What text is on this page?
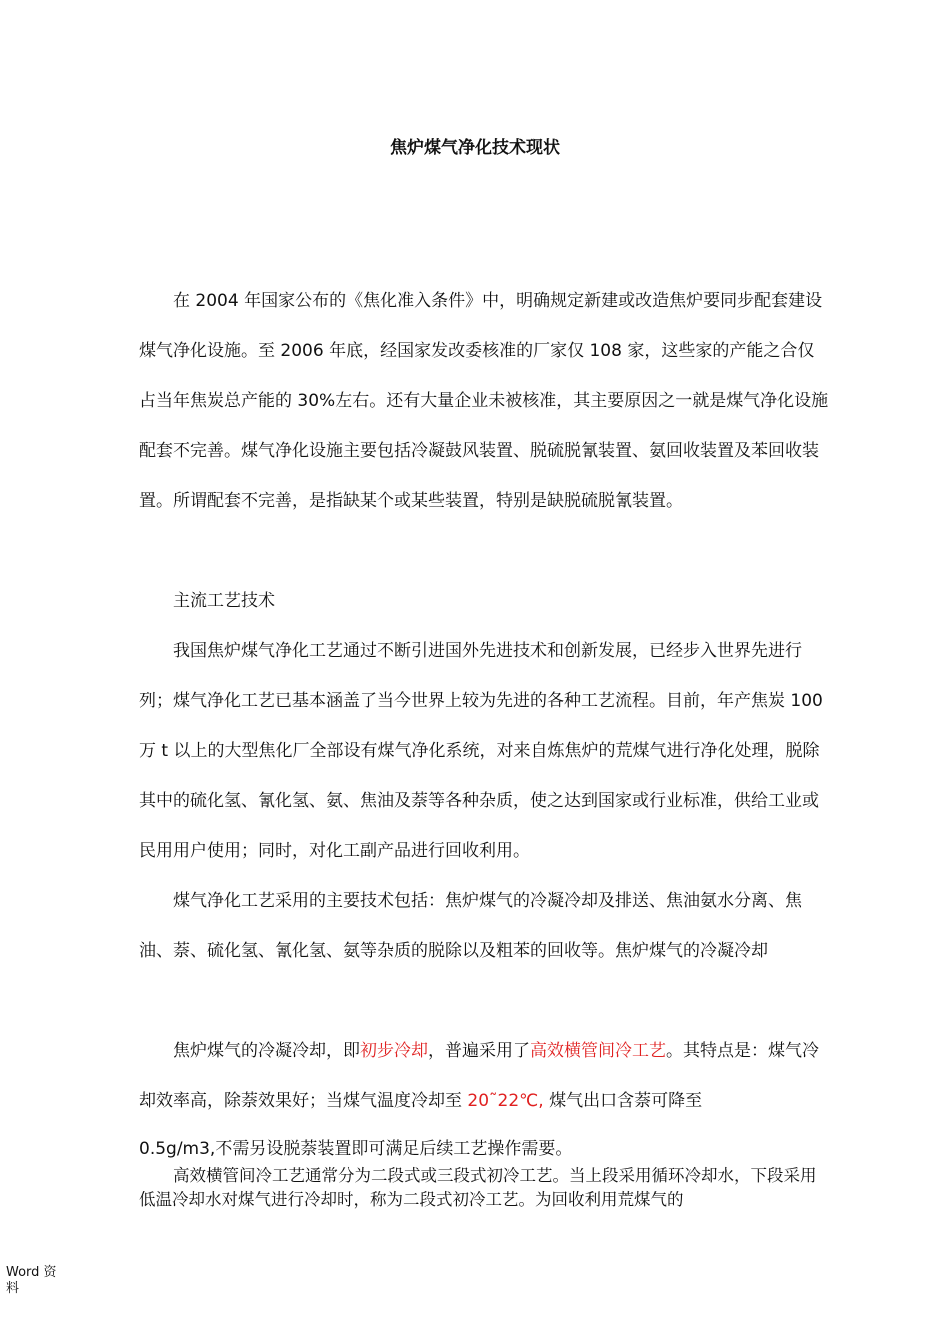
焦炉煤气净化技术现状

在 2004 年国家公布的《焦化准入条件》中，明确规定新建或改造焦炉要同步配套建设煤气净化设施。至 2006 年底，经国家发改委核准的厂家仅 108 家，这些家的产能之合仅占当年焦炭总产能的 30%左右。还有大量企业未被核准，其主要原因之一就是煤气净化设施配套不完善。煤气净化设施主要包括冷凝鼓风装置、脱硫脱氰装置、氨回收装置及苯回收装置。所谓配套不完善，是指缺某个或某些装置，特别是缺脱硫脱氰装置。

主流工艺技术

我国焦炉煤气净化工艺通过不断引进国外先进技术和创新发展，已经步入世界先进行列；煤气净化工艺已基本涵盖了当今世界上较为先进的各种工艺流程。目前，年产焦炭 100 万 t 以上的大型焦化厂全部设有煤气净化系统，对来自炼焦炉的荒煤气进行净化处理，脱除其中的硫化氢、氰化氢、氨、焦油及萘等各种杂质，使之达到国家或行业标准，供给工业或民用用户使用；同时，对化工副产品进行回收利用。

煤气净化工艺采用的主要技术包括：焦炉煤气的冷凝冷却及排送、焦油氨水分离、焦油、萘、硫化氢、氰化氢、氨等杂质的脱除以及粗苯的回收等。焦炉煤气的冷凝冷却

焦炉煤气的冷凝冷却，即初步冷却，普遍采用了高效横管间冷工艺。其特点是：煤气冷却效率高，除萘效果好；当煤气温度冷却至 20˜22℃, 煤气出口含萘可降至

0.5g/m3,不需另设脱萘装置即可满足后续工艺操作需要。

高效横管间冷工艺通常分为二段式或三段式初冷工艺。当上段采用循环冷却水，下段采用低温冷却水对煤气进行冷却时，称为二段式初冷工艺。为回收利用荒煤气的

Word 资料
